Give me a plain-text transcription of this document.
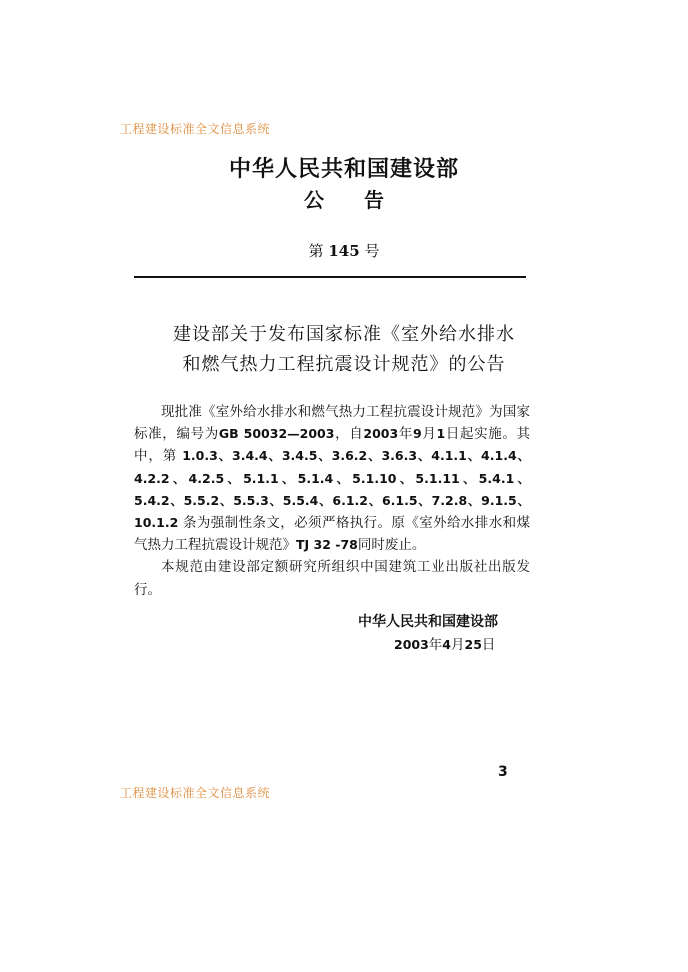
工程建设标准全文信息系统
中华人民共和国建设部
公 告
第 145 号
建设部关于发布国家标准《室外给水排水
和燃气热力工程抗震设计规范》的公告

现批准《室外给水排水和燃气热力工程抗震设计规范》为国家标准，编号为GB 50032—2003，自2003年9月1日起实施。其中，第 1.0.3、3.4.4、3.4.5、3.6.2、3.6.3、4.1.1、4.1.4、4.2.2、4.2.5、5.1.1、5.1.4、5.1.10、5.1.11、5.4.1、5.4.2、5.5.2、5.5.3、5.5.4、6.1.2、6.1.5、7.2.8、9.1.5、10.1.2 条为强制性条文，必须严格执行。原《室外给水排水和煤气热力工程抗震设计规范》TJ 32 -78同时废止。

本规范由建设部定额研究所组织中国建筑工业出版社出版发行。

中华人民共和国建设部
2003年4月25日
3
工程建设标准全文信息系统
